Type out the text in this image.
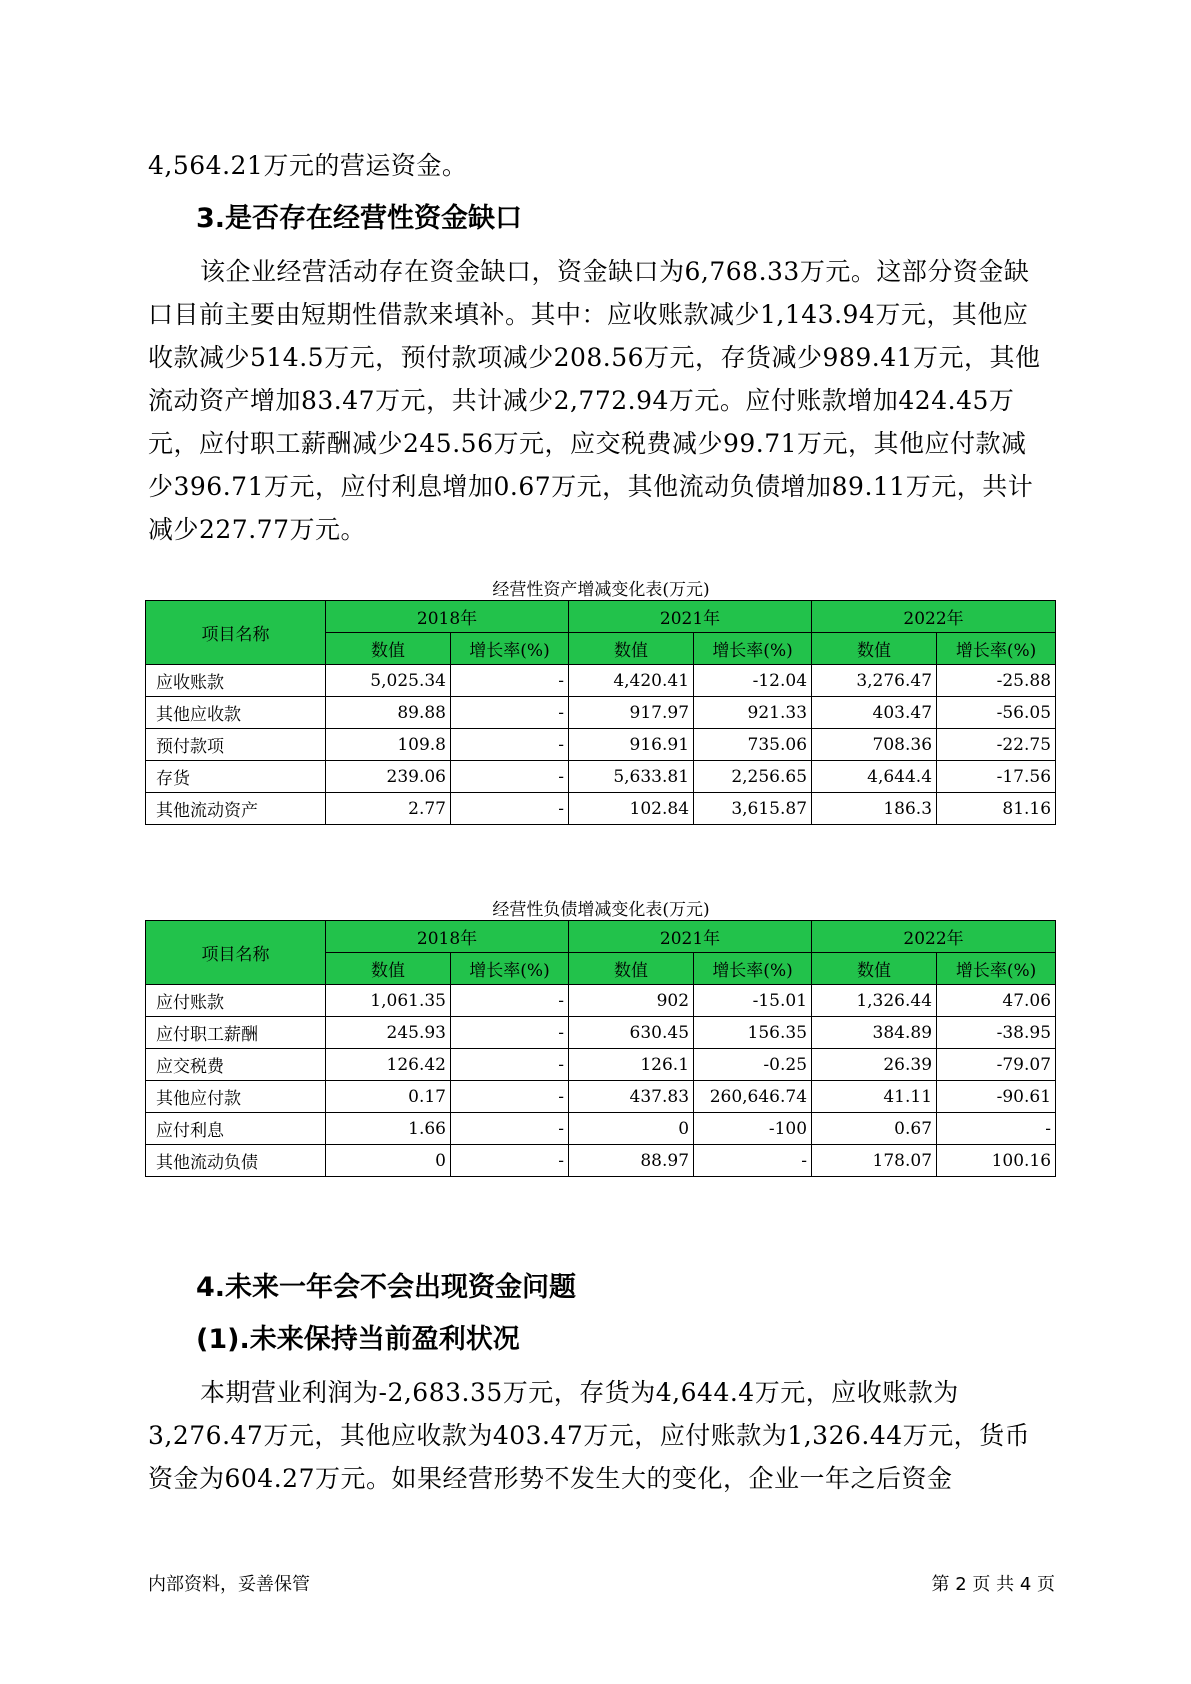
4,564.21万元的营运资金。

3.是否存在经营性资金缺口

该企业经营活动存在资金缺口，资金缺口为6,768.33万元。这部分资金缺口目前主要由短期性借款来填补。其中：应收账款减少1,143.94万元，其他应收款减少514.5万元，预付款项减少208.56万元，存货减少989.41万元，其他流动资产增加83.47万元，共计减少2,772.94万元。应付账款增加424.45万元，应付职工薪酬减少245.56万元，应交税费减少99.71万元，其他应付款减少396.71万元，应付利息增加0.67万元，其他流动负债增加89.11万元，共计减少227.77万元。

经营性资产增减变化表(万元)

项目名称	2018年		2021年		2022年	
	数值	增长率(%)	数值	增长率(%)	数值	增长率(%)
应收账款	5,025.34	-	4,420.41	-12.04	3,276.47	-25.88
其他应收款	89.88	-	917.97	921.33	403.47	-56.05
预付款项	109.8	-	916.91	735.06	708.36	-22.75
存货	239.06	-	5,633.81	2,256.65	4,644.4	-17.56
其他流动资产	2.77	-	102.84	3,615.87	186.3	81.16

经营性负债增减变化表(万元)

项目名称	2018年		2021年		2022年	
	数值	增长率(%)	数值	增长率(%)	数值	增长率(%)
应付账款	1,061.35	-	902	-15.01	1,326.44	47.06
应付职工薪酬	245.93	-	630.45	156.35	384.89	-38.95
应交税费	126.42	-	126.1	-0.25	26.39	-79.07
其他应付款	0.17	-	437.83	260,646.74	41.11	-90.61
应付利息	1.66	-	0	-100	0.67	-
其他流动负债	0	-	88.97	-	178.07	100.16
4.未来一年会不会出现资金问题
(1).未来保持当前盈利状况

本期营业利润为-2,683.35万元，存货为4,644.4万元，应收账款为3,276.47万元，其他应收款为403.47万元，应付账款为1,326.44万元，货币资金为604.27万元。如果经营形势不发生大的变化，企业一年之后资金

内部资料，妥善保管	第 2 页 共 4 页
